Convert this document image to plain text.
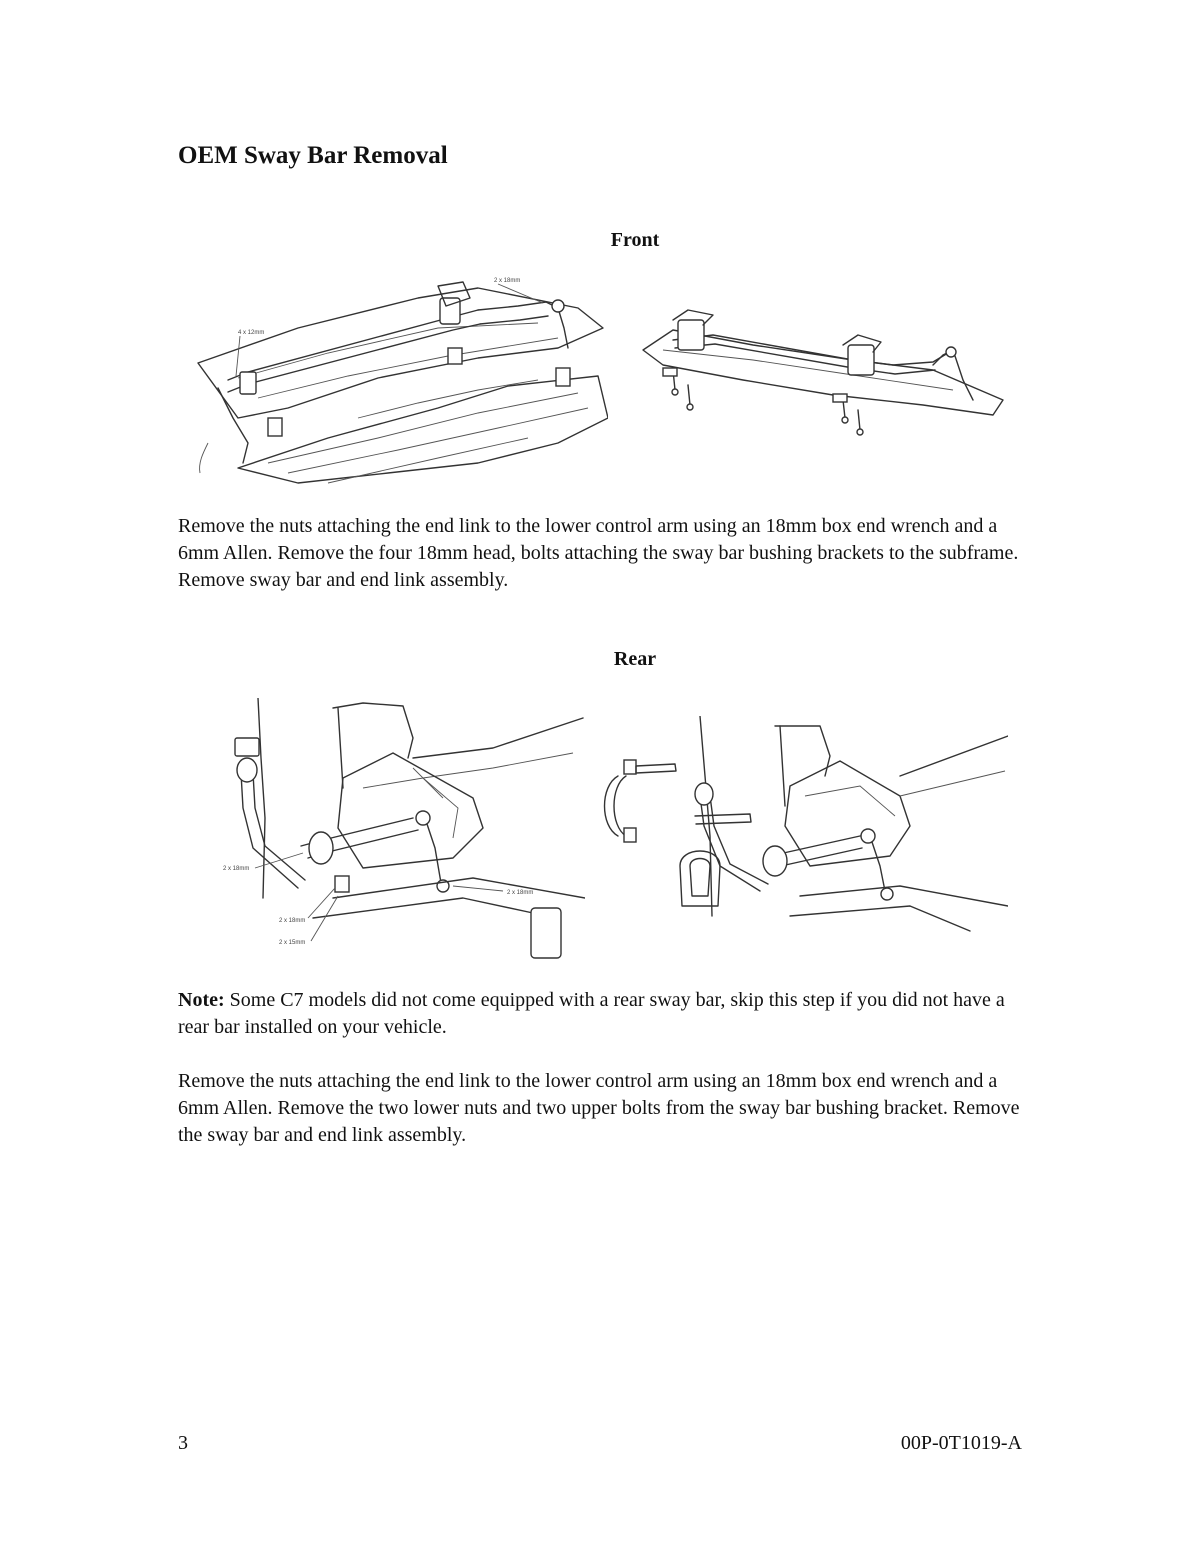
OEM Sway Bar Removal
Front
2 x 18mm
4 x 12mm

Remove the nuts attaching the end link to the lower control arm using an 18mm box end wrench and a 6mm Allen. Remove the four 18mm head, bolts attaching the sway bar bushing brackets to the subframe. Remove sway bar and end link assembly.

Rear
2 x 18mm
2 x 18mm
2 x 18mm
2 x 15mm

Note: Some C7 models did not come equipped with a rear sway bar, skip this step if you did not have a rear bar installed on your vehicle.

Remove the nuts attaching the end link to the lower control arm using an 18mm box end wrench and a 6mm Allen. Remove the two lower nuts and two upper bolts from the sway bar bushing bracket. Remove the sway bar and end link assembly.

3	00P-0T1019-A
